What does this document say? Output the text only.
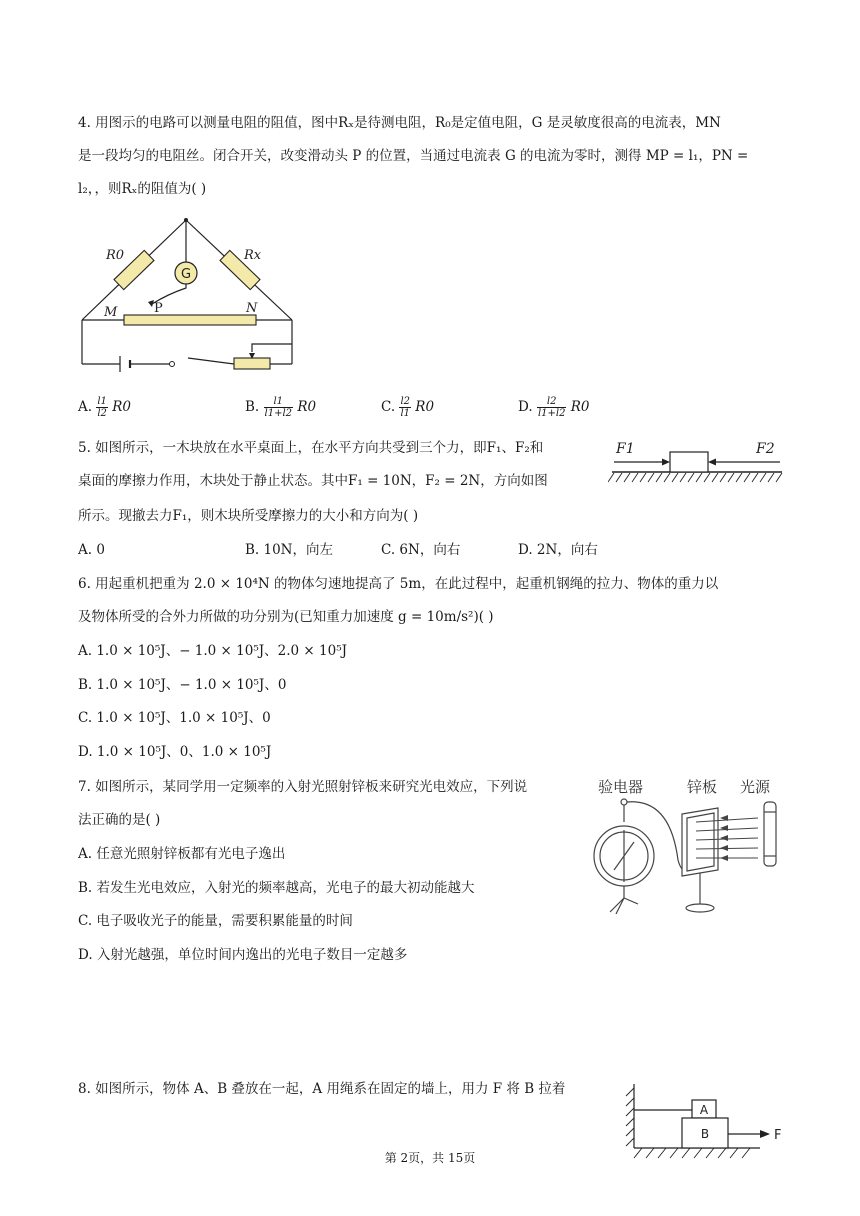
4. 用图示的电路可以测量电阻的阻值，图中Rₓ是待测电阻，R₀是定值电阻，G 是灵敏度很高的电流表，MN
是一段均匀的电阻丝。闭合开关，改变滑动头 P 的位置，当通过电流表 G 的电流为零时，测得 MP = l₁，PN =
l₂，，则Rₓ的阻值为( )
G
R0	Rx
M	P	N
A. $\frac{l1}{l2} R0$	B. $\frac{l1}{l1+l2} R0$	C. $\frac{l2}{l1} R0$	D. $\frac{l2}{l1+l2} R0$
5. 如图所示，一木块放在水平桌面上，在水平方向共受到三个力，即F₁、F₂和
桌面的摩擦力作用，木块处于静止状态。其中F₁ = 10N，F₂ = 2N，方向如图
所示。现撤去力F₁，则木块所受摩擦力的大小和方向为( )
F1	F2
A. 0	B. 10N，向左	C. 6N，向右	D. 2N，向右
6. 用起重机把重为 2.0 × 10⁴N 的物体匀速地提高了 5m，在此过程中，起重机钢绳的拉力、物体的重力以
及物体所受的合外力所做的功分别为(已知重力加速度 g = 10m/s²)( )
A. 1.0 × 10⁵J、− 1.0 × 10⁵J、2.0 × 10⁵J
B. 1.0 × 10⁵J、− 1.0 × 10⁵J、0
C. 1.0 × 10⁵J、1.0 × 10⁵J、0
D. 1.0 × 10⁵J、0、1.0 × 10⁵J
7. 如图所示，某同学用一定频率的入射光照射锌板来研究光电效应，下列说
法正确的是( )
A. 任意光照射锌板都有光电子逸出
B. 若发生光电效应，入射光的频率越高，光电子的最大初动能越大
C. 电子吸收光子的能量，需要积累能量的时间
D. 入射光越强，单位时间内逸出的光电子数目一定越多
验电器	锌板 光源
8. 如图所示，物体 A、B 叠放在一起，A 用绳系在固定的墙上，用力 F 将 B 拉着
A
B	F
第 2页，共 15页
